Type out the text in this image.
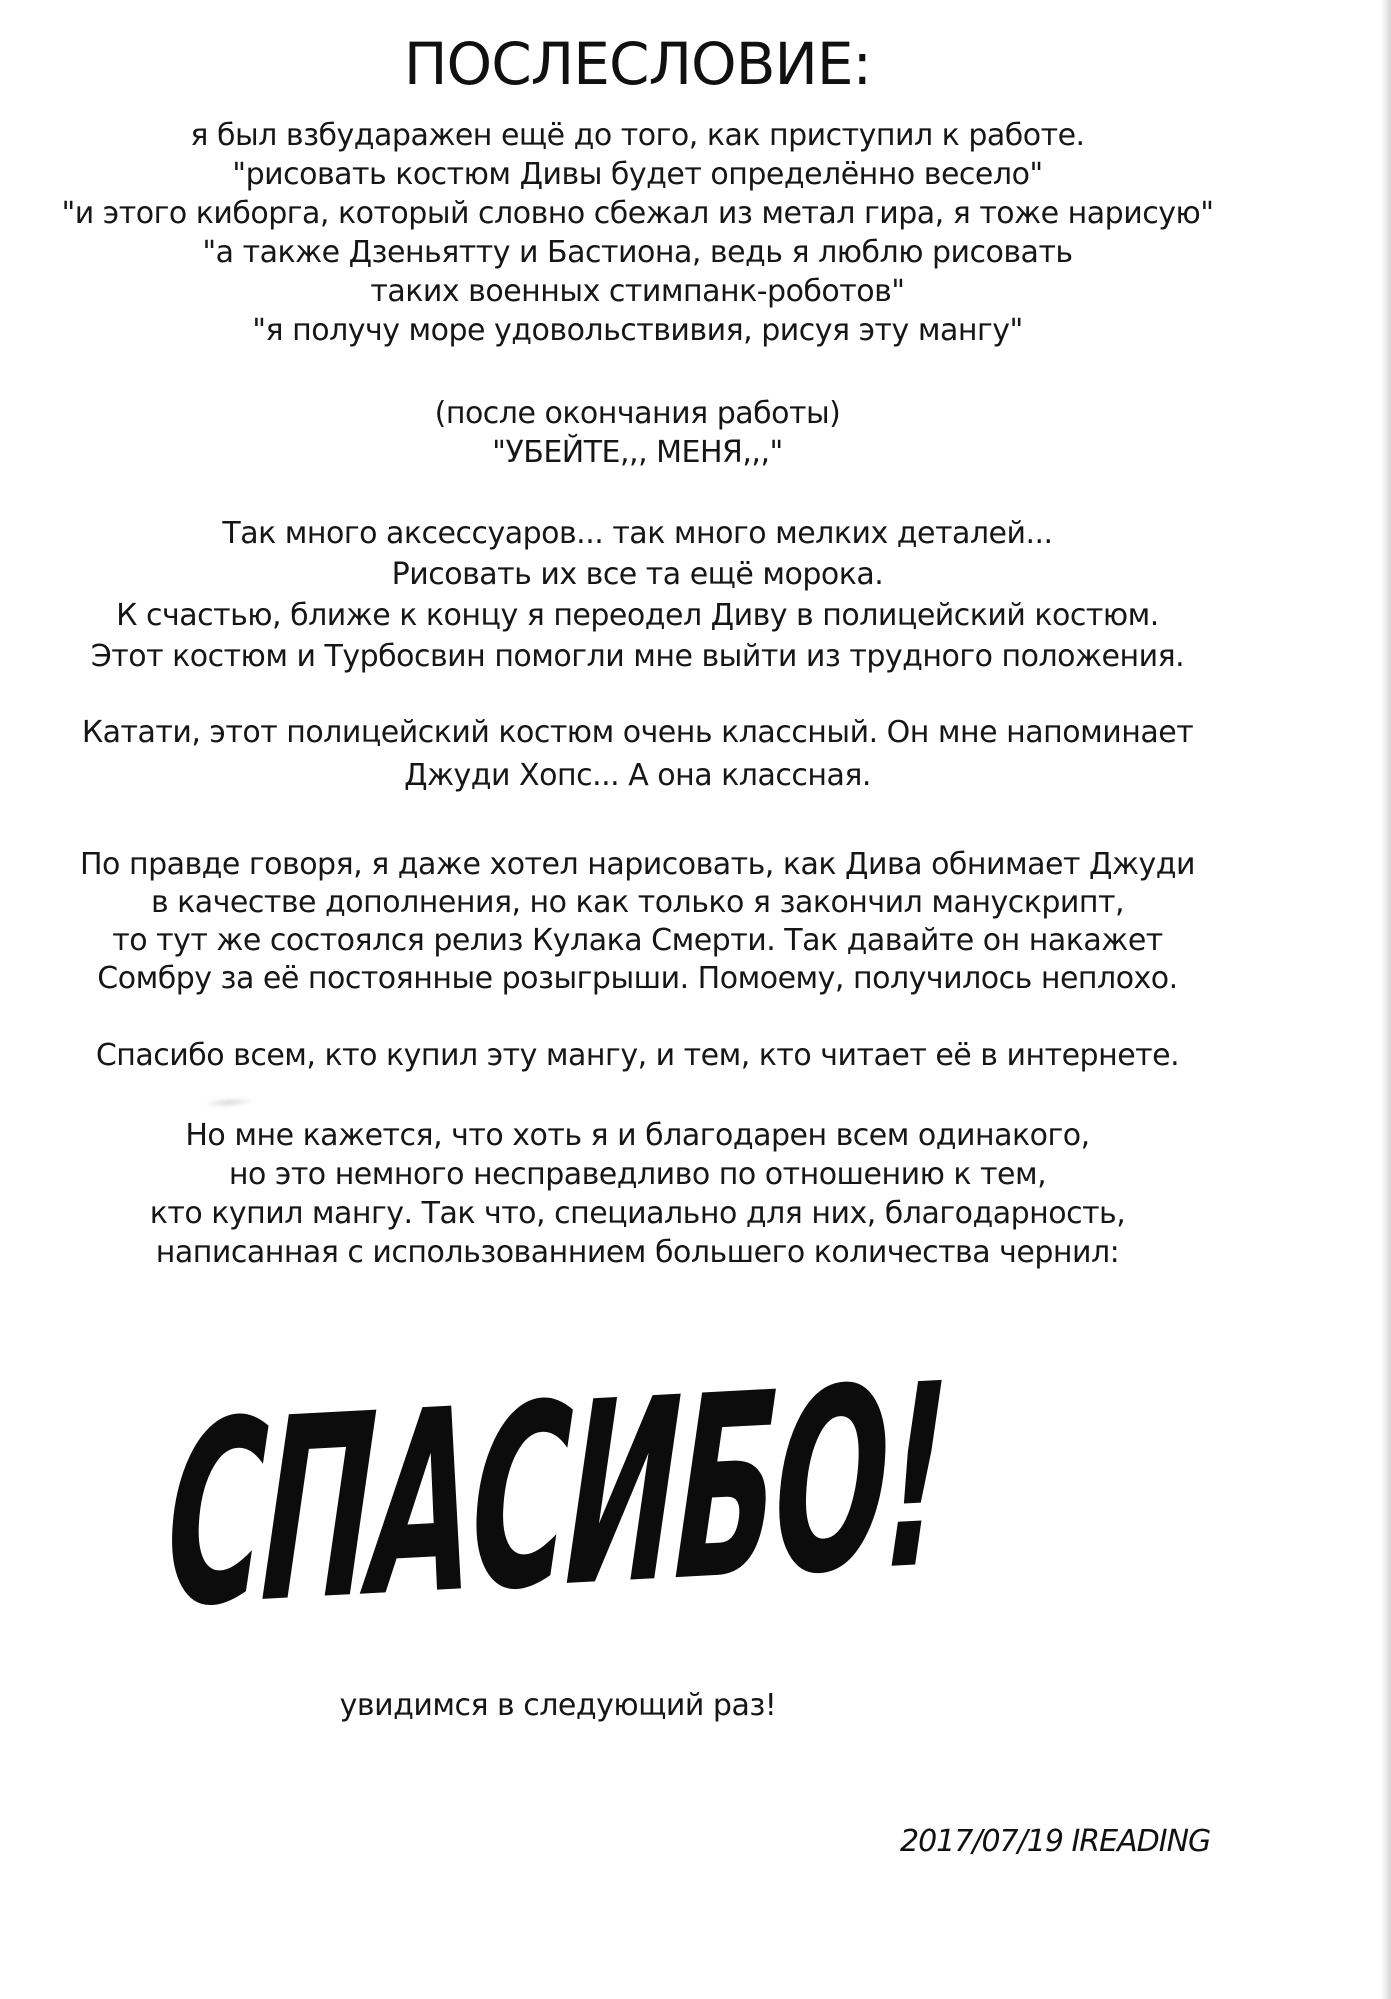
ПОСЛЕСЛОВИЕ:
я был взбударажен ещё до того, как приступил к работе.
"рисовать костюм Дивы будет определённо весело"
"и этого киборга, который словно сбежал из метал гира, я тоже нарисую"
"а также Дзеньятту и Бастиона, ведь я люблю рисовать
таких военных стимпанк-роботов"
"я получу море удовольствивия, рисуя эту мангу"
(после окончания работы)
"УБЕЙТЕ,,, МЕНЯ,,,"
Так много аксессуаров... так много мелких деталей...
Рисовать их все та ещё морока.
К счастью, ближе к концу я переодел Диву в полицейский костюм.
Этот костюм и Турбосвин помогли мне выйти из трудного положения.
Катати, этот полицейский костюм очень классный. Он мне напоминает
Джуди Хопс... А она классная.
По правде говоря, я даже хотел нарисовать, как Дива обнимает Джуди
в качестве дополнения, но как только я закончил манускрипт,
то тут же состоялся релиз Кулака Смерти. Так давайте он накажет
Сомбру за её постоянные розыгрыши. Помоему, получилось неплохо.
Спасибо всем, кто купил эту мангу, и тем, кто читает её в интернете.
Но мне кажется, что хоть я и благодарен всем одинакого,
но это немного несправедливо по отношению к тем,
кто купил мангу. Так что, специально для них, благодарность,
написанная с использованнием большего количества чернил:
СПАСИБО!
увидимся в следующий раз!
2017/07/19 IREADING
